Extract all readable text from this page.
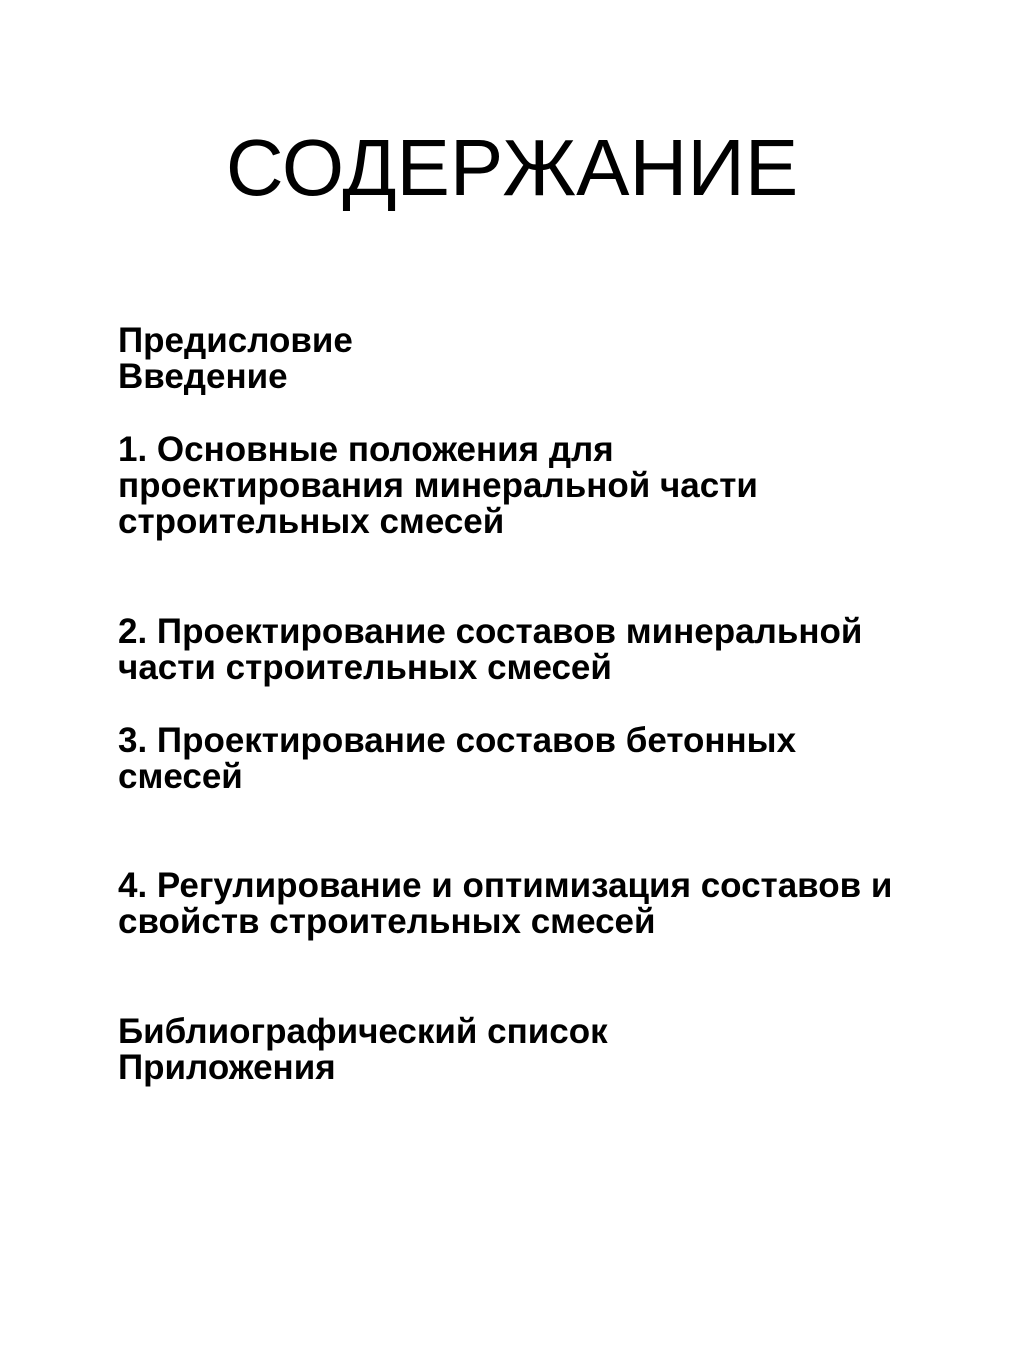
СОДЕРЖАНИЕ
Предисловие
Введение
1. Основные положения для
проектирования минеральной части
строительных смесей
2. Проектирование составов минеральной
части строительных смесей
3. Проектирование составов бетонных
смесей
4. Регулирование и оптимизация составов и
свойств строительных смесей
Библиографический список
Приложения
